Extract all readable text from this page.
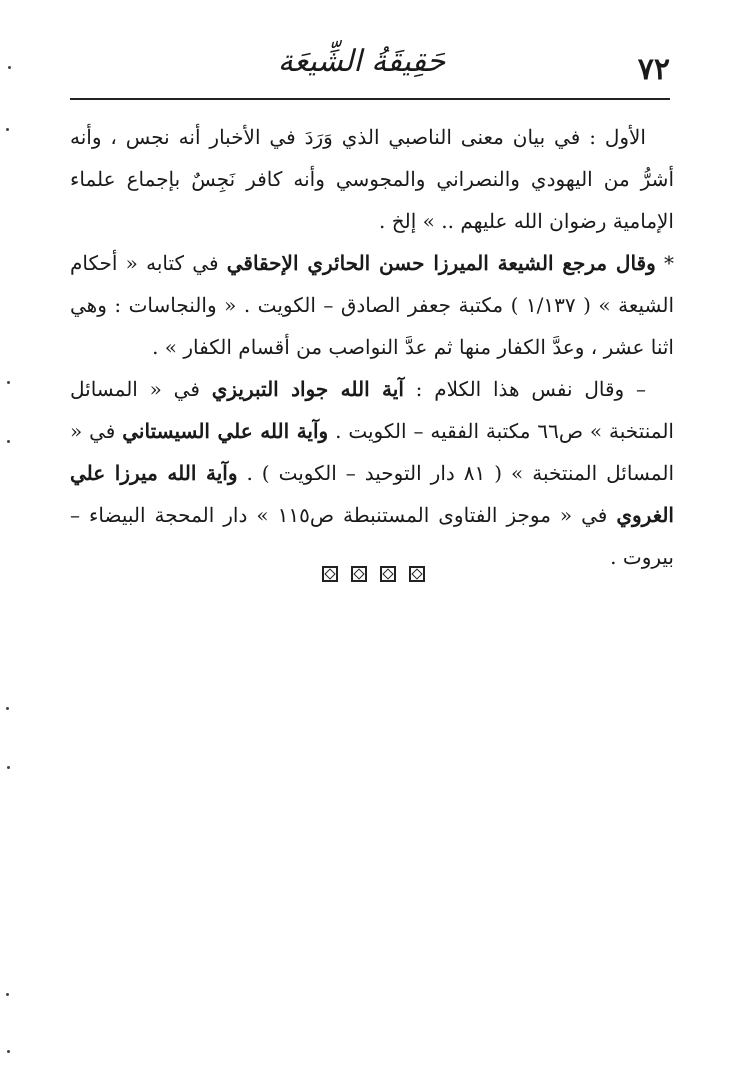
٧٢
حَقِيقَةُ الشِّيعَة

الأول : في بيان معنى الناصبي الذي وَرَدَ في الأخبار أنه نجس ، وأنه أشرُّ من اليهودي والنصراني والمجوسي وأنه كافر نَجِسٌ بإجماع علماء الإمامية رضوان الله عليهم .. » إلخ .

* وقال مرجع الشيعة الميرزا حسن الحائري الإحقاقي في كتابه « أحكام الشيعة » ( ١/١٣٧ ) مكتبة جعفر الصادق – الكويت . « والنجاسات : وهي اثنا عشر ، وعدَّ الكفار منها ثم عدَّ النواصب من أقسام الكفار » .

– وقال نفس هذا الكلام : آية الله جواد التبريزي في « المسائل المنتخبة » ص٦٦ مكتبة الفقيه – الكويت . وآية الله علي السيستاني في « المسائل المنتخبة » ( ٨١ دار التوحيد – الكويت ) . وآية الله ميرزا علي الغروي في « موجز الفتاوى المستنبطة ص١١٥ » دار المحجة البيضاء – بيروت .
